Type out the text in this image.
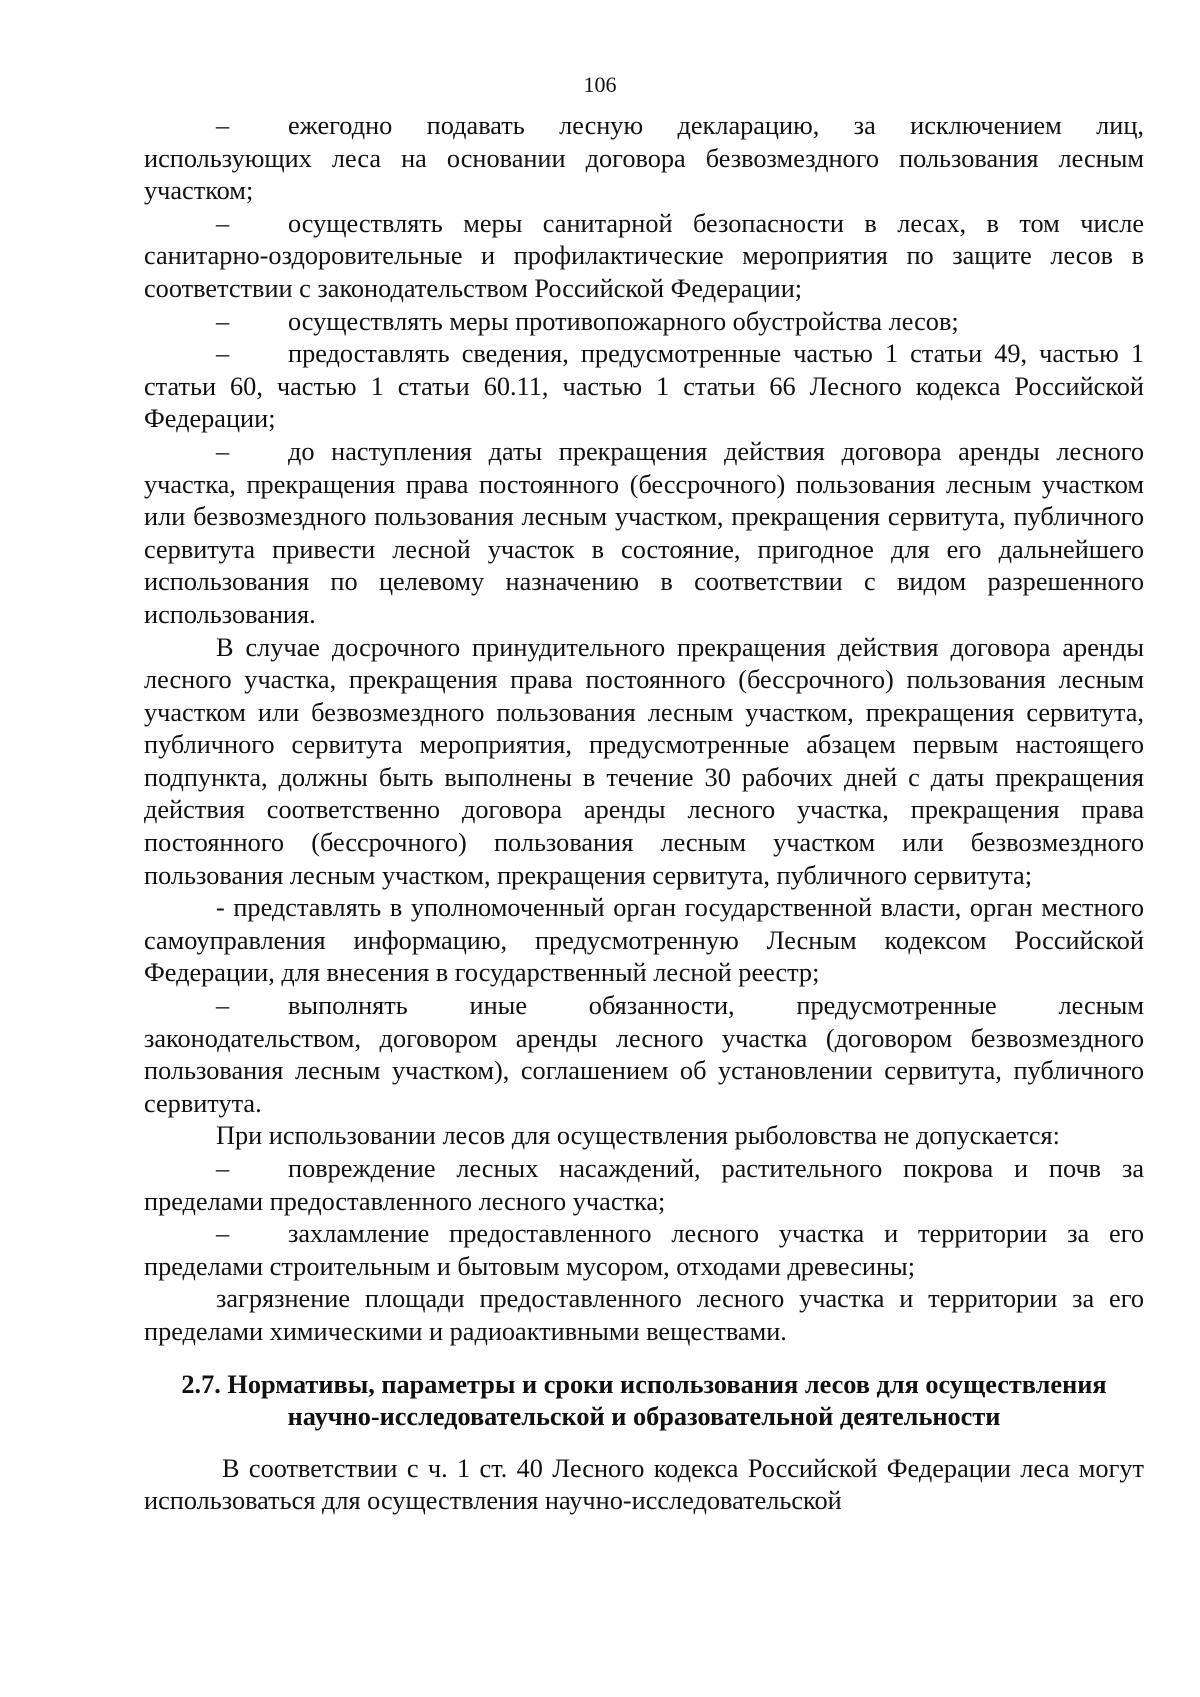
106

– ежегодно подавать лесную декларацию, за исключением лиц, использующих леса на основании договора безвозмездного пользования лесным участком;

– осуществлять меры санитарной безопасности в лесах, в том числе санитарно-оздоровительные и профилактические мероприятия по защите лесов в соответствии с законодательством Российской Федерации;

– осуществлять меры противопожарного обустройства лесов;

– предоставлять сведения, предусмотренные частью 1 статьи 49, частью 1 статьи 60, частью 1 статьи 60.11, частью 1 статьи 66 Лесного кодекса Российской Федерации;

– до наступления даты прекращения действия договора аренды лесного участка, прекращения права постоянного (бессрочного) пользования лесным участком или безвозмездного пользования лесным участком, прекращения сервитута, публичного сервитута привести лесной участок в состояние, пригодное для его дальнейшего использования по целевому назначению в соответствии с видом разрешенного использования.

В случае досрочного принудительного прекращения действия договора аренды лесного участка, прекращения права постоянного (бессрочного) пользования лесным участком или безвозмездного пользования лесным участком, прекращения сервитута, публичного сервитута мероприятия, предусмотренные абзацем первым настоящего подпункта, должны быть выполнены в течение 30 рабочих дней с даты прекращения действия соответственно договора аренды лесного участка, прекращения права постоянного (бессрочного) пользования лесным участком или безвозмездного пользования лесным участком, прекращения сервитута, публичного сервитута;

- представлять в уполномоченный орган государственной власти, орган местного самоуправления информацию, предусмотренную Лесным кодексом Российской Федерации, для внесения в государственный лесной реестр;

– выполнять иные обязанности, предусмотренные лесным законодательством, договором аренды лесного участка (договором безвозмездного пользования лесным участком), соглашением об установлении сервитута, публичного сервитута.

При использовании лесов для осуществления рыболовства не допускается:

– повреждение лесных насаждений, растительного покрова и почв за пределами предоставленного лесного участка;

– захламление предоставленного лесного участка и территории за его пределами строительным и бытовым мусором, отходами древесины;

загрязнение площади предоставленного лесного участка и территории за его пределами химическими и радиоактивными веществами.

2.7. Нормативы, параметры и сроки использования лесов для осуществления научно-исследовательской и образовательной деятельности

В соответствии с ч. 1 ст. 40 Лесного кодекса Российской Федерации леса могут использоваться для осуществления научно-исследовательской
